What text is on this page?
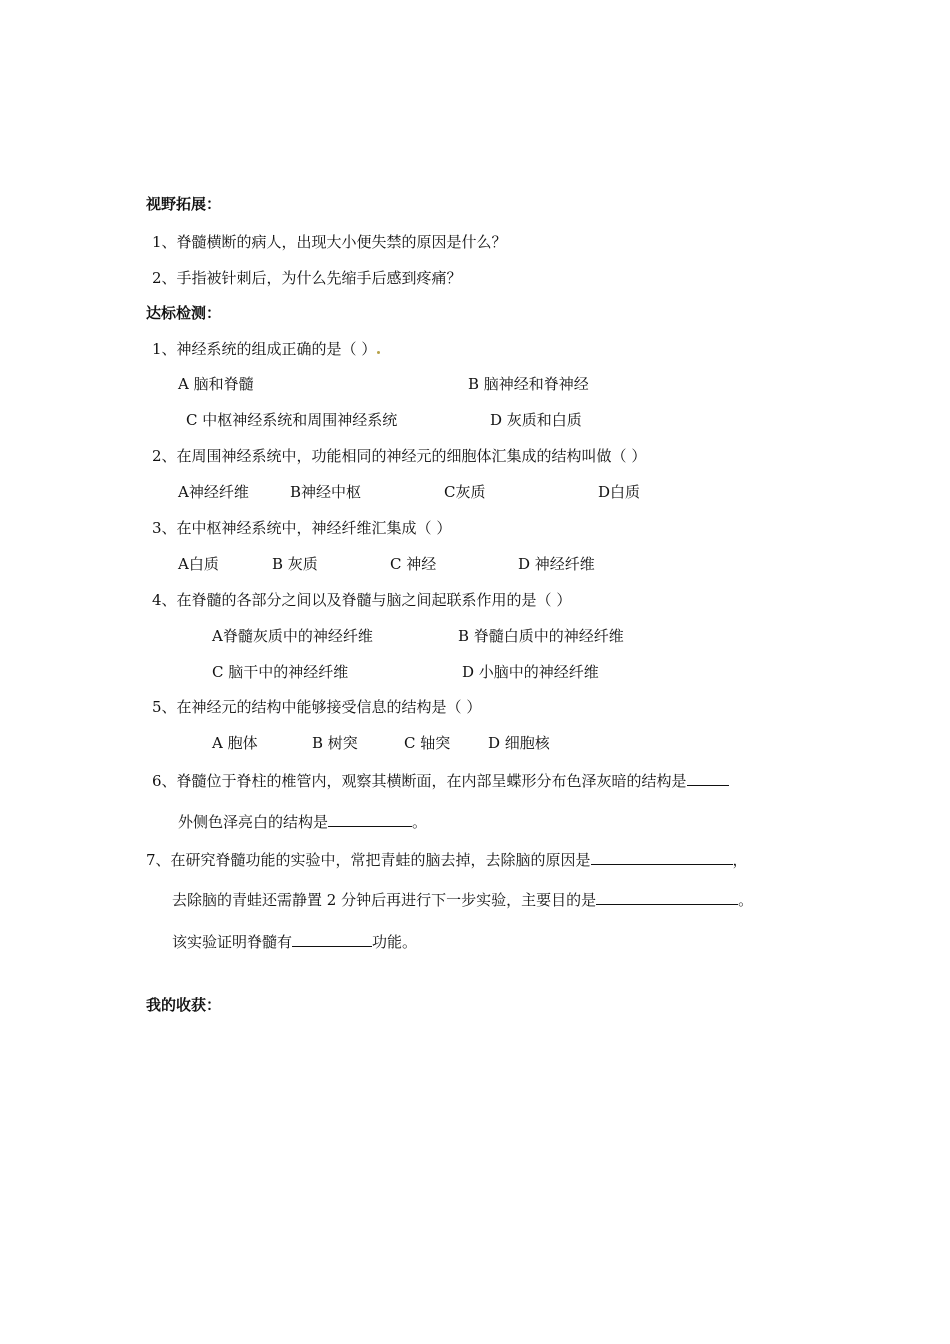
视野拓展：
1、脊髓横断的病人，出现大小便失禁的原因是什么？
2、手指被针刺后，为什么先缩手后感到疼痛？
达标检测：
1、神经系统的组成正确的是（ ）
A 脑和脊髓	B 脑神经和脊神经
C 中枢神经系统和周围神经系统	D 灰质和白质
2、在周围神经系统中，功能相同的神经元的细胞体汇集成的结构叫做（ ）
A神经纤维	B神经中枢	C灰质	D白质
3、在中枢神经系统中，神经纤维汇集成（ ）
A白质	B 灰质	C 神经	D 神经纤维
4、在脊髓的各部分之间以及脊髓与脑之间起联系作用的是（ ）
A脊髓灰质中的神经纤维	B 脊髓白质中的神经纤维
C 脑干中的神经纤维	D 小脑中的神经纤维
5、在神经元的结构中能够接受信息的结构是（ ）
A 胞体	B 树突	C 轴突	D 细胞核
6、脊髓位于脊柱的椎管内，观察其横断面，在内部呈蝶形分布色泽灰暗的结构是
外侧色泽亮白的结构是	。
7、在研究脊髓功能的实验中，常把青蛙的脑去掉，去除脑的原因是	，
去除脑的青蛙还需静置 2 分钟后再进行下一步实验，主要目的是	。
该实验证明脊髓有	功能。
我的收获：
